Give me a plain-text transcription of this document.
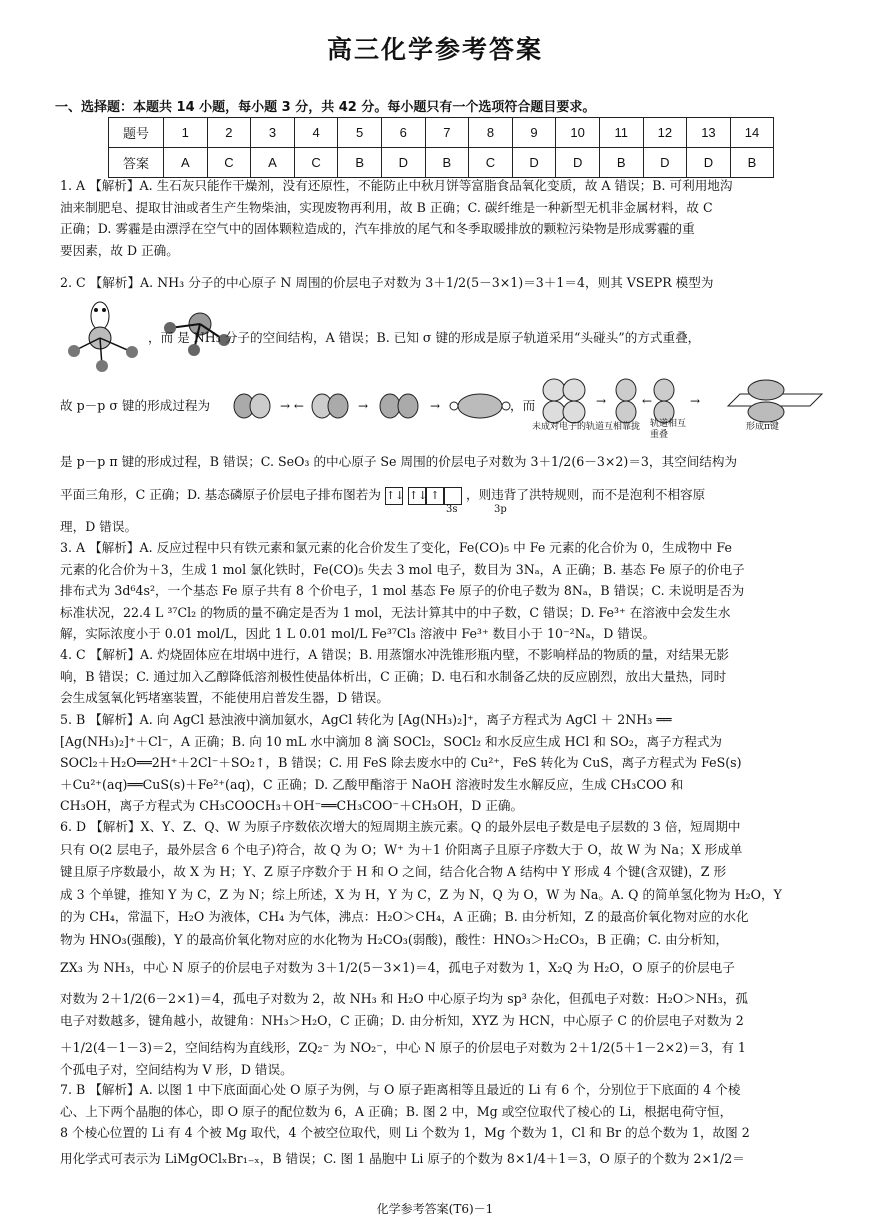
高三化学参考答案
一、选择题：本题共 14 小题，每小题 3 分，共 42 分。每小题只有一个选项符合题目要求。
题号	1	2	3	4	5	6	7	8	9	10	11	12	13	14
答案	A	C	A	C	B	D	B	C	D	D	B	D	D	B
1. A 【解析】A. 生石灰只能作干燥剂，没有还原性，不能防止中秋月饼等富脂食品氧化变质，故 A 错误；B. 可利用地沟
油来制肥皂、提取甘油或者生产生物柴油，实现废物再利用，故 B 正确；C. 碳纤维是一种新型无机非金属材料，故 C
正确；D. 雾霾是由漂浮在空气中的固体颗粒造成的，汽车排放的尾气和冬季取暖排放的颗粒污染物是形成雾霾的重
要因素，故 D 正确。
2. C 【解析】A. NH₃ 分子的中心原子 N 周围的价层电子对数为 3＋1/2(5－3×1)＝3＋1＝4，则其 VSEPR 模型为
，而 是 NH₃ 分子的空间结构，A 错误；B. 已知 σ 键的形成是原子轨道采用“头碰头”的方式重叠，
故 p－p σ 键的形成过程为	→ ←	→	→	，而	→	←	→
未成对电子的轨道互相靠拢 轨道相互重叠
形成π键
是 p－p π 键的形成过程，B 错误；C. SeO₃ 的中心原子 Se 周围的价层电子对数为 3＋1/2(6－3×2)＝3，其空间结构为
平面三角形，C 正确；D. 基态磷原子价层电子排布图若为 ↑↓ ↑↓ ↑ ，则违背了洪特规则，而不是泡利不相容原
3s	3p
理，D 错误。
3. A 【解析】A. 反应过程中只有铁元素和氯元素的化合价发生了变化，Fe(CO)₅ 中 Fe 元素的化合价为 0，生成物中 Fe
元素的化合价为＋3，生成 1 mol 氯化铁时，Fe(CO)₅ 失去 3 mol 电子，数目为 3Nₐ，A 正确；B. 基态 Fe 原子的价电子
排布式为 3d⁶4s²，一个基态 Fe 原子共有 8 个价电子，1 mol 基态 Fe 原子的价电子数为 8Nₐ，B 错误；C. 未说明是否为
标准状况，22.4 L ³⁷Cl₂ 的物质的量不确定是否为 1 mol，无法计算其中的中子数，C 错误；D. Fe³⁺ 在溶液中会发生水
解，实际浓度小于 0.01 mol/L，因此 1 L 0.01 mol/L Fe³⁷Cl₃ 溶液中 Fe³⁺ 数目小于 10⁻²Nₐ，D 错误。
4. C 【解析】A. 灼烧固体应在坩埚中进行，A 错误；B. 用蒸馏水冲洗锥形瓶内壁，不影响样品的物质的量，对结果无影
响，B 错误；C. 通过加入乙醇降低溶剂极性使晶体析出，C 正确；D. 电石和水制备乙炔的反应剧烈，放出大量热，同时
会生成氢氧化钙堵塞装置，不能使用启普发生器，D 错误。
5. B 【解析】A. 向 AgCl 悬浊液中滴加氨水，AgCl 转化为 [Ag(NH₃)₂]⁺，离子方程式为 AgCl ＋ 2NH₃ ══
[Ag(NH₃)₂]⁺＋Cl⁻，A 正确；B. 向 10 mL 水中滴加 8 滴 SOCl₂，SOCl₂ 和水反应生成 HCl 和 SO₂，离子方程式为
SOCl₂＋H₂O══2H⁺＋2Cl⁻＋SO₂↑，B 错误；C. 用 FeS 除去废水中的 Cu²⁺，FeS 转化为 CuS，离子方程式为 FeS(s)
＋Cu²⁺(aq)══CuS(s)＋Fe²⁺(aq)，C 正确；D. 乙酸甲酯溶于 NaOH 溶液时发生水解反应，生成 CH₃COO 和
CH₃OH，离子方程式为 CH₃COOCH₃＋OH⁻══CH₃COO⁻＋CH₃OH，D 正确。
6. D 【解析】X、Y、Z、Q、W 为原子序数依次增大的短周期主族元素。Q 的最外层电子数是电子层数的 3 倍，短周期中
只有 O(2 层电子，最外层含 6 个电子)符合，故 Q 为 O；W⁺ 为＋1 价阳离子且原子序数大于 O，故 W 为 Na；X 形成单
键且原子序数最小，故 X 为 H；Y、Z 原子序数介于 H 和 O 之间，结合化合物 A 结构中 Y 形成 4 个键(含双键)，Z 形
成 3 个单键，推知 Y 为 C，Z 为 N；综上所述，X 为 H，Y 为 C，Z 为 N，Q 为 O，W 为 Na。A. Q 的简单氢化物为 H₂O，Y
的为 CH₄，常温下，H₂O 为液体，CH₄ 为气体，沸点：H₂O＞CH₄，A 正确；B. 由分析知，Z 的最高价氧化物对应的水化
物为 HNO₃(强酸)，Y 的最高价氧化物对应的水化物为 H₂CO₃(弱酸)，酸性：HNO₃＞H₂CO₃，B 正确；C. 由分析知，
ZX₃ 为 NH₃，中心 N 原子的价层电子对数为 3＋1/2(5－3×1)＝4，孤电子对数为 1，X₂Q 为 H₂O，O 原子的价层电子
对数为 2＋1/2(6－2×1)＝4，孤电子对数为 2，故 NH₃ 和 H₂O 中心原子均为 sp³ 杂化，但孤电子对数：H₂O＞NH₃，孤
电子对数越多，键角越小，故键角：NH₃＞H₂O，C 正确；D. 由分析知，XYZ 为 HCN，中心原子 C 的价层电子对数为 2
＋1/2(4－1－3)＝2，空间结构为直线形，ZQ₂⁻ 为 NO₂⁻，中心 N 原子的价层电子对数为 2＋1/2(5＋1－2×2)＝3，有 1
个孤电子对，空间结构为 V 形，D 错误。
7. B 【解析】A. 以图 1 中下底面面心处 O 原子为例，与 O 原子距离相等且最近的 Li 有 6 个，分别位于下底面的 4 个棱
心、上下两个晶胞的体心，即 O 原子的配位数为 6，A 正确；B. 图 2 中，Mg 或空位取代了棱心的 Li，根据电荷守恒，
8 个棱心位置的 Li 有 4 个被 Mg 取代，4 个被空位取代，则 Li 个数为 1，Mg 个数为 1，Cl 和 Br 的总个数为 1，故图 2
用化学式可表示为 LiMgOClₓBr₁₋ₓ，B 错误；C. 图 1 晶胞中 Li 原子的个数为 8×1/4＋1＝3，O 原子的个数为 2×1/2＝
化学参考答案(T6)－1
